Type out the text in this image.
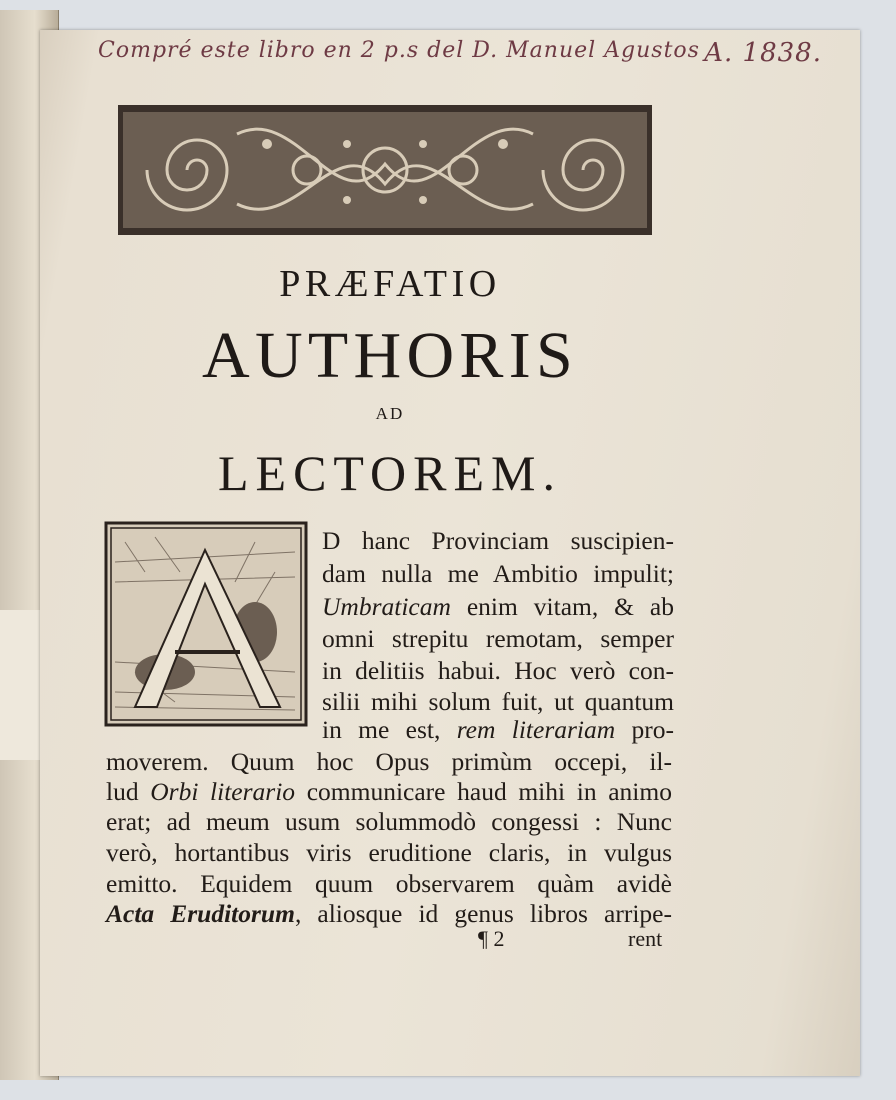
Compré este libro en 2 p.s del D. Manuel Agustos A. 1838.
PRÆFATIO
AUTHORIS
AD
LECTOREM.
D hanc Provinciam suscipien-
dam nulla me Ambitio impulit;
Umbraticam enim vitam, & ab
omni strepitu remotam, semper
in delitiis habui. Hoc verò con-
silii mihi solum fuit, ut quantum
in me est, rem literariam pro-
moverem. Quum hoc Opus primùm occepi, il-
lud Orbi literario communicare haud mihi in animo
erat; ad meum usum solummodò congessi : Nunc
verò, hortantibus viris eruditione claris, in vulgus
emitto. Equidem quum observarem quàm avidè
Acta Eruditorum, aliosque id genus libros arripe-
¶ 2	rent
